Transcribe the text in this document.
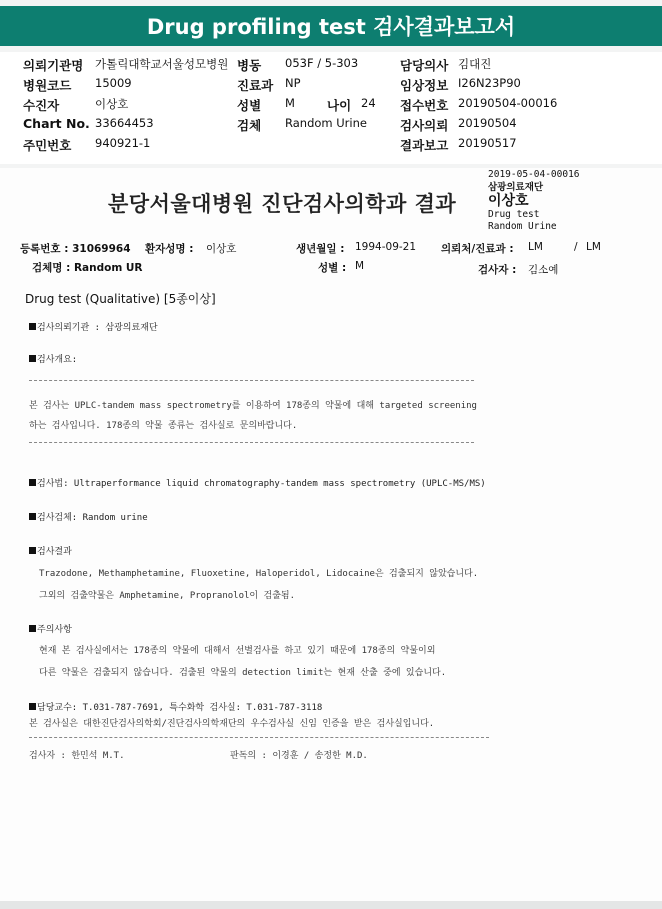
Drug profiling test 검사결과보고서
의뢰기관명 가톨릭대학교서울성모병원 병동 053F / 5-303	담당의사 김대진
병원코드 15009	진료과 NP	임상정보 I26N23P90
수진자	이상호	성별 M	나이 24 접수번호 20190504-00016
Chart No. 33664453	검체 Random Urine	검사의뢰 20190504
주민번호 940921-1	결과보고 20190517
2019-05-04-00016
삼광의료재단
이상호
Drug test
Random Urine
분당서울대병원 진단검사의학과 결과
등록번호 : 31069964 환자성명 : 이상호	생년월일 : 1994-09-21 의뢰처/진료과 : LM	/ LM
검체명 : Random UR	성별 : M	검사자 : 김소예
Drug test (Qualitative) [5종이상]
검사의뢰기관 : 삼광의료재단
검사개요:
본 검사는 UPLC-tandem mass spectrometry를 이용하여 178종의 약물에 대해 targeted screening
하는 검사입니다. 178종의 약물 종류는 검사실로 문의바랍니다.
검사법: Ultraperformance liquid chromatography-tandem mass spectrometry (UPLC-MS/MS)
검사검체: Random urine
검사결과
Trazodone, Methamphetamine, Fluoxetine, Haloperidol, Lidocaine은 검출되지 않았습니다.
그외의 검출약물은 Amphetamine, Propranolol이 검출됨.
주의사항
현재 본 검사실에서는 178종의 약물에 대해서 선별검사를 하고 있기 때문에 178종의 약물이외
다른 약물은 검출되지 않습니다. 검출된 약물의 detection limit는 현재 산출 중에 있습니다.
담당교수: T.031-787-7691, 특수화학 검사실: T.031-787-3118
본 검사실은 대한진단검사의학회/진단검사의학재단의 우수검사실 신임 인증을 받은 검사실입니다.
검사자 : 한민석 M.T.	판독의 : 이경훈 / 송정한 M.D.
